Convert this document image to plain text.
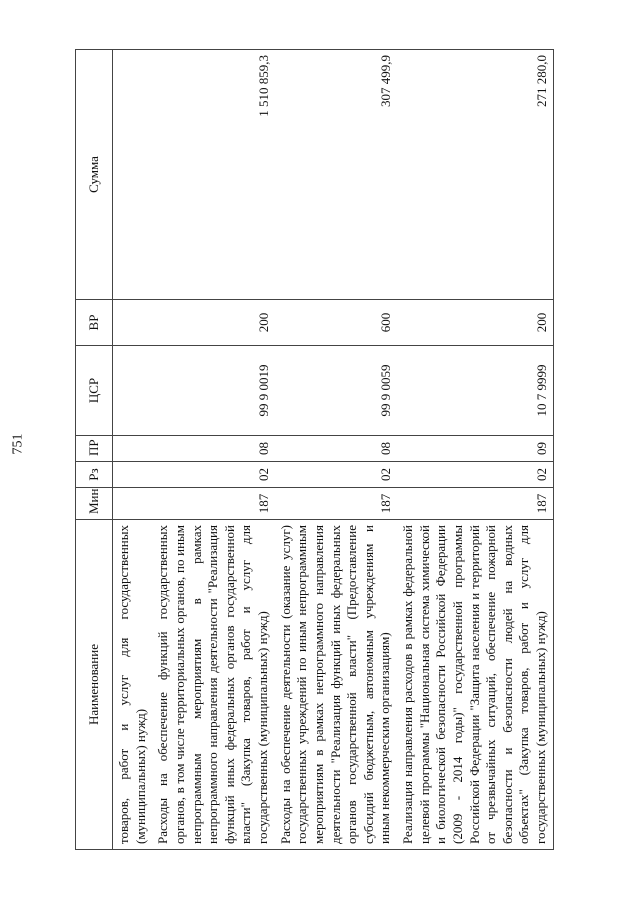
751
Наименование	Мин	Рз	ПР	ЦСР	ВР	Сумма
товаров, работ и услуг для государственных (муниципальных) нужд)						
Расходы на обеспечение функций государственных органов, в том числе территориальных органов, по иным непрограммным мероприятиям в рамках непрограммного направления деятельности "Реализация функций иных федеральных органов государственной власти" (Закупка товаров, работ и услуг для государственных (муниципальных) нужд)	187	02	08	99 9 0019	200	1 510 859,3
Расходы на обеспечение деятельности (оказание услуг) государственных учреждений по иным непрограммным мероприятиям в рамках непрограммного направления деятельности "Реализация функций иных федеральных органов государственной власти" (Предоставление субсидий бюджетным, автономным учреждениям и иным некоммерческим организациям)	187	02	08	99 9 0059	600	307 499,9
Реализация направления расходов в рамках федеральной целевой программы "Национальная система химической и биологической безопасности Российской Федерации (2009 - 2014 годы)" государственной программы Российской Федерации "Защита населения и территорий от чрезвычайных ситуаций, обеспечение пожарной безопасности и безопасности людей на водных объектах" (Закупка товаров, работ и услуг для государственных (муниципальных) нужд)	187	02	09	10 7 9999	200	271 280,0
